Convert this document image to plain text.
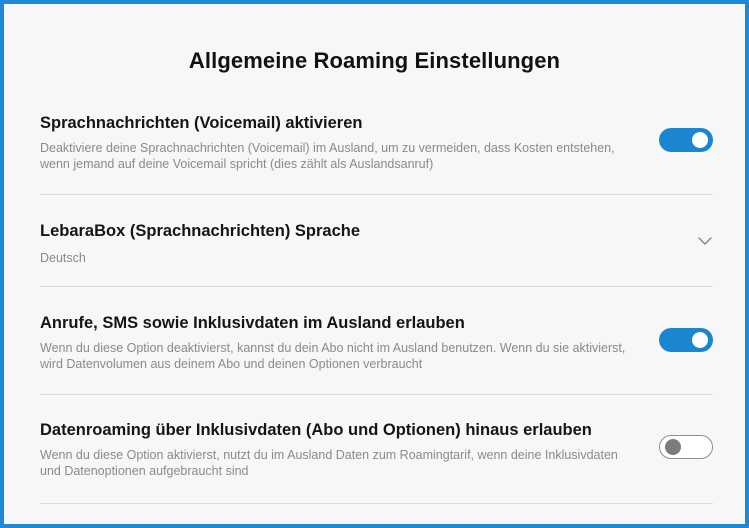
Allgemeine Roaming Einstellungen
Sprachnachrichten (Voicemail) aktivieren
Deaktiviere deine Sprachnachrichten (Voicemail) im Ausland, um zu vermeiden, dass Kosten entstehen, wenn jemand auf deine Voicemail spricht (dies zählt als Auslandsanruf)
LebaraBox (Sprachnachrichten) Sprache
Deutsch
Anrufe, SMS sowie Inklusivdaten im Ausland erlauben
Wenn du diese Option deaktivierst, kannst du dein Abo nicht im Ausland benutzen. Wenn du sie aktivierst, wird Datenvolumen aus deinem Abo und deinen Optionen verbraucht
Datenroaming über Inklusivdaten (Abo und Optionen) hinaus erlauben
Wenn du diese Option aktivierst, nutzt du im Ausland Daten zum Roamingtarif, wenn deine Inklusivdaten und Datenoptionen aufgebraucht sind
